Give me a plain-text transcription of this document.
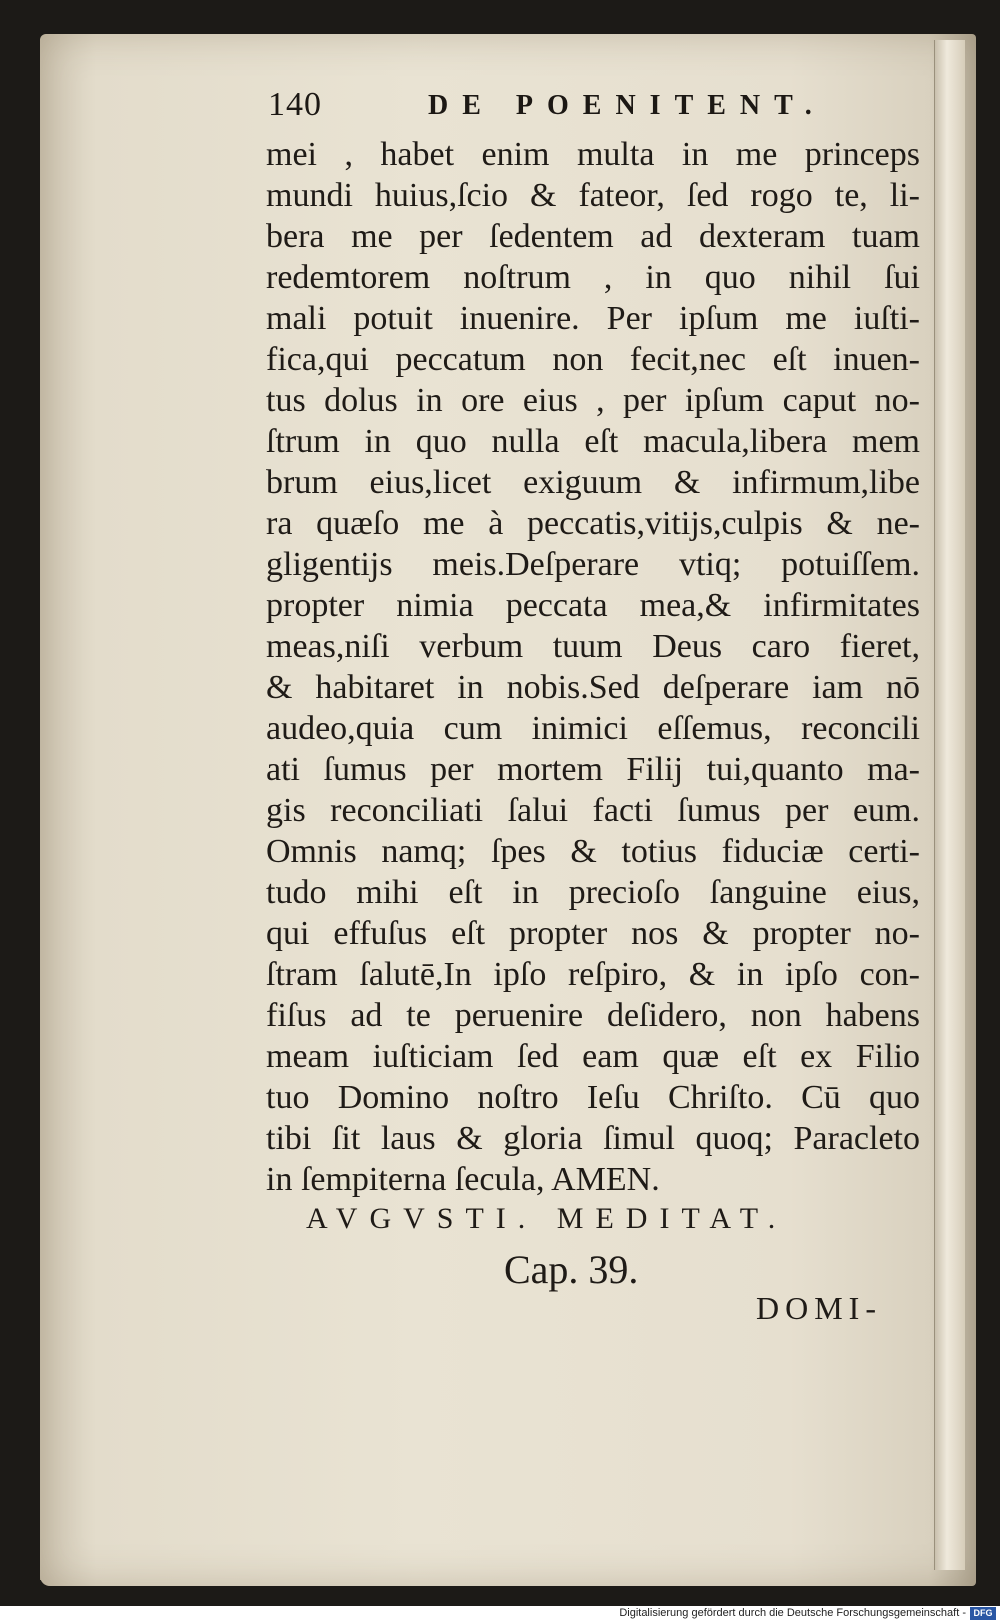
140	DE POENITENT.
mei , habet enim multa in me princeps
mundi huius,ſcio & fateor, ſed rogo te, li-
bera me per ſedentem ad dexteram tuam
redemtorem noſtrum , in quo nihil ſui
mali potuit inuenire. Per ipſum me iuſti-
fica,qui peccatum non fecit,nec eſt inuen-
tus dolus in ore eius , per ipſum caput no-
ſtrum in quo nulla eſt macula,libera mem
brum eius,licet exiguum & infirmum,libe
ra quæſo me à peccatis,vitijs,culpis & ne-
gligentijs meis.Deſperare vtiq; potuiſſem.
propter nimia peccata mea,& infirmitates
meas,niſi verbum tuum Deus caro fieret,
& habitaret in nobis.Sed deſperare iam nō
audeo,quia cum inimici eſſemus, reconcili
ati ſumus per mortem Filij tui,quanto ma-
gis reconciliati ſalui facti ſumus per eum.
Omnis namq; ſpes & totius fiduciæ certi-
tudo mihi eſt in precioſo ſanguine eius,
qui effuſus eſt propter nos & propter no-
ſtram ſalutē,In ipſo reſpiro, & in ipſo con-
fiſus ad te peruenire deſidero, non habens
meam iuſticiam ſed eam quæ eſt ex Filio
tuo Domino noſtro Ieſu Chriſto. Cū quo
tibi ſit laus & gloria ſimul quoq; Paracleto
in ſempiterna ſecula, AMEN.
AVGVSTI. MEDITAT.
Cap. 39.
DOMI-
Digitalisierung gefördert durch die Deutsche Forschungsgemeinschaft - DFG
